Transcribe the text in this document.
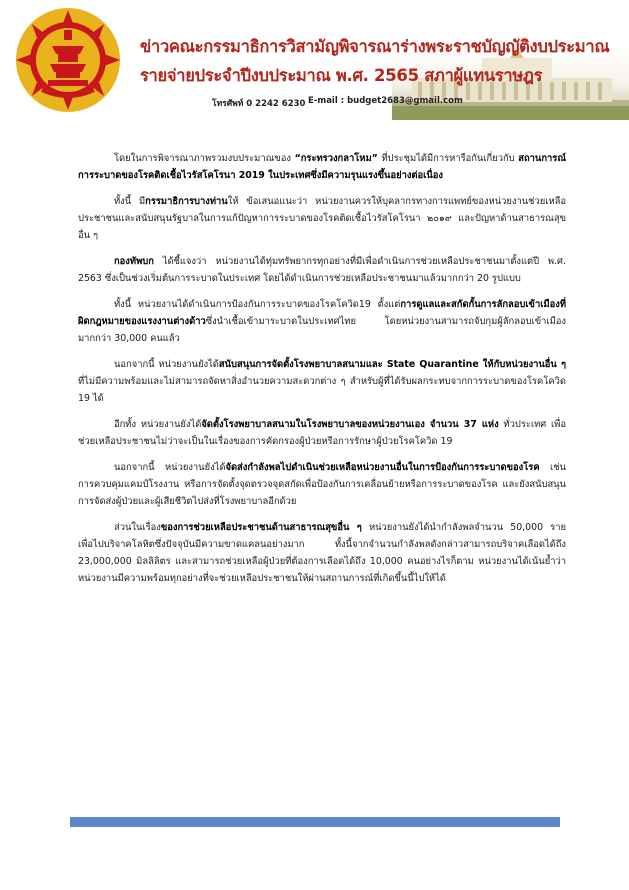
ข่าวคณะกรรมาธิการวิสามัญพิจารณาร่างพระราชบัญญัติงบประมาณ
รายจ่ายประจำปีงบประมาณ พ.ศ. 2565 สภาผู้แทนราษฎร
โทรศัพท์ 0 2242 6230 E-mail : budget2683@gmail.com

โดยในการพิจารณาภาพรวมงบประมาณของ “กระทรวงกลาโหม” ที่ประชุมได้มีการหารือกันเกี่ยวกับ สถานการณ์การระบาดของโรคติดเชื้อไวรัสโคโรนา 2019 ในประเทศซึ่งมีความรุนแรงขึ้นอย่างต่อเนื่อง

ทั้งนี้ มีกรรมาธิการบางท่านให้ ข้อเสนอแนะว่า หน่วยงานควรให้บุคลากรทางการแพทย์ของหน่วยงานช่วยเหลือประชาชนและสนับสนุนรัฐบาลในการแก้ปัญหาการระบาดของโรคติดเชื้อไวรัสโคโรนา ๒๐๑๙ และปัญหาด้านสาธารณสุขอื่น ๆ

กองทัพบก ได้ชี้แจงว่า หน่วยงานได้ทุ่มทรัพยากรทุกอย่างที่มีเพื่อดำเนินการช่วยเหลือประชาชนมาตั้งแต่ปี พ.ศ. 2563 ซึ่งเป็นช่วงเริ่มต้นการระบาดในประเทศ โดยได้ดำเนินการช่วยเหลือประชาชนมาแล้วมากกว่า 20 รูปแบบ

ทั้งนี้ หน่วยงานได้ดำเนินการป้องกันการระบาดของโรคโควิด19 ตั้งแต่การดูแลและสกัดกั้นการลักลอบเข้าเมืองที่ผิดกฎหมายของแรงงานต่างด้าวซึ่งนำเชื้อเข้ามาระบาดในประเทศไทย โดยหน่วยงานสามารถจับกุมผู้ลักลอบเข้าเมืองมากกว่า 30,000 คนแล้ว

นอกจากนี้ หน่วยงานยังได้สนับสนุนการจัดตั้งโรงพยาบาลสนามและ State Quarantine ให้กับหน่วยงานอื่น ๆ ที่ไม่มีความพร้อมและไม่สามารถจัดหาสิ่งอำนวยความสะดวกต่าง ๆ สำหรับผู้ที่ได้รับผลกระทบจากการระบาดของโรคโควิด 19 ได้

อีกทั้ง หน่วยงานยังได้จัดตั้งโรงพยาบาลสนามในโรงพยาบาลของหน่วยงานเอง จำนวน 37 แห่ง ทั่วประเทศ เพื่อช่วยเหลือประชาชนไม่ว่าจะเป็นในเรื่องของการคัดกรองผู้ป่วยหรือการรักษาผู้ป่วยโรคโควิด 19

นอกจากนี้ หน่วยงานยังได้จัดส่งกำลังพลไปดำเนินช่วยเหลือหน่วยงานอื่นในการป้องกันการระบาดของโรค เช่น การควบคุมแคมป์โรงงาน หรือการจัดตั้งจุดตรวจจุดสกัดเพื่อป้องกันการเคลื่อนย้ายหรือการระบาดของโรค และยังสนับสนุนการจัดส่งผู้ป่วยและผู้เสียชีวิตไปส่งที่โรงพยาบาลอีกด้วย

ส่วนในเรื่องของการช่วยเหลือประชาชนด้านสาธารณสุขอื่น ๆ หน่วยงานยังได้นำกำลังพลจำนวน 50,000 ราย เพื่อไปบริจาคโลหิตซึ่งปัจจุบันมีความขาดแคลนอย่างมาก ทั้งนี้จากจำนวนกำลังพลดังกล่าวสามารถบริจาคเลือดได้ถึง 23,000,000 มิลลิลิตร และสามารถช่วยเหลือผู้ป่วยที่ต้องการเลือดได้ถึง 10,000 คนอย่างไรก็ตาม หน่วยงานได้เน้นย้ำว่า หน่วยงานมีความพร้อมทุกอย่างที่จะช่วยเหลือประชาชนให้ผ่านสถานการณ์ที่เกิดขึ้นนี้ไปให้ได้
